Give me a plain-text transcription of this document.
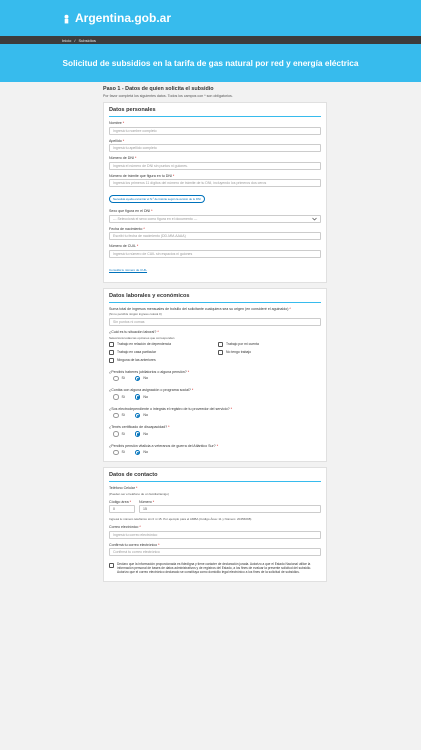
Argentina.gob.ar
Inicio / Subsidios
Solicitud de subsidios en la tarifa de gas natural por red y energía eléctrica
Paso 1 - Datos de quien solicita el subsidio
Por favor completá los siguientes datos. Todos los campos con * son obligatorios.
Datos personales
Nombre *
Ingresá tu nombre completo
Apellido *
Ingresá tu apellido completo
Número de DNI *
Ingresá el número de DNI sin puntos ni guiones.
Número de trámite que figura en tu DNI *
Ingresá los primeros 11 dígitos del número de trámite de tu DNI, incluyendo los primeros dos ceros
Necesitás ayuda encontrar el N.º de trámite según la versión de tu DNI
Sexo que figura en el DNI *
--- Seleccioná el sexo como figura en el documento ---
Fecha de nacimiento *
Escribí tu fecha de nacimiento (DD-MM-AAAA)
Número de CUIL *
Ingresá tu número de CUIL sin espacios ni guiones
Consultá tu número de CUIL
Datos laborales y económicos
Suma total de ingresos mensuales de bolsillo del solicitante cualquiera sea su origen (en consideré el aguinaldo) *
(Si no percibís ningún ingreso colocá 0)
Sin puntos ni comas
¿Cuál es tu situación laboral? *
Seleccioná todas las opciones que correspondan
Trabajo en relación de dependencia	Trabajo por mi cuenta
Trabajo en casa particular	No tengo trabajo
Ninguna de las anteriores
¿Percibís haberes jubilatorios o alguna pensión? *
Sí	No
¿Contás con alguna asignación o programa social? *
Sí	No
¿Sos electrodependiente o integrás el registro de tu proveedor del servicio? *
Sí	No
¿Tenés certificado de discapacidad? *
Sí	No
¿Percibís pensión vitalicia a veteranos de guerra del Atlántico Sur? *
Sí	No
Datos de contacto
Teléfono Celular *
(Pueden ser el teléfono de un familiar/amigo)
Código área *
0
Número *
15
Ingresá tu número telefónico sin 0 ni 15. Por ejemplo para el AMBA (Código Área: 11 y Número: 20456098)
Correo electrónico *
Ingresá tu correo electrónico
Confirmá tu correo electrónico *
Confirmá tu correo electrónico

Declaro que la información proporcionada es fidedigna y tiene carácter de declaración jurada. Autorizo a que el Estado Nacional utilice la información personal de bases de datos administrativos y de registros del Estado, a los fines de evaluar la presente solicitud del subsidio. Autorizo que el correo electrónico declarado se constituya como domicilio legal electrónico a los fines de la solicitud de subsidios.
